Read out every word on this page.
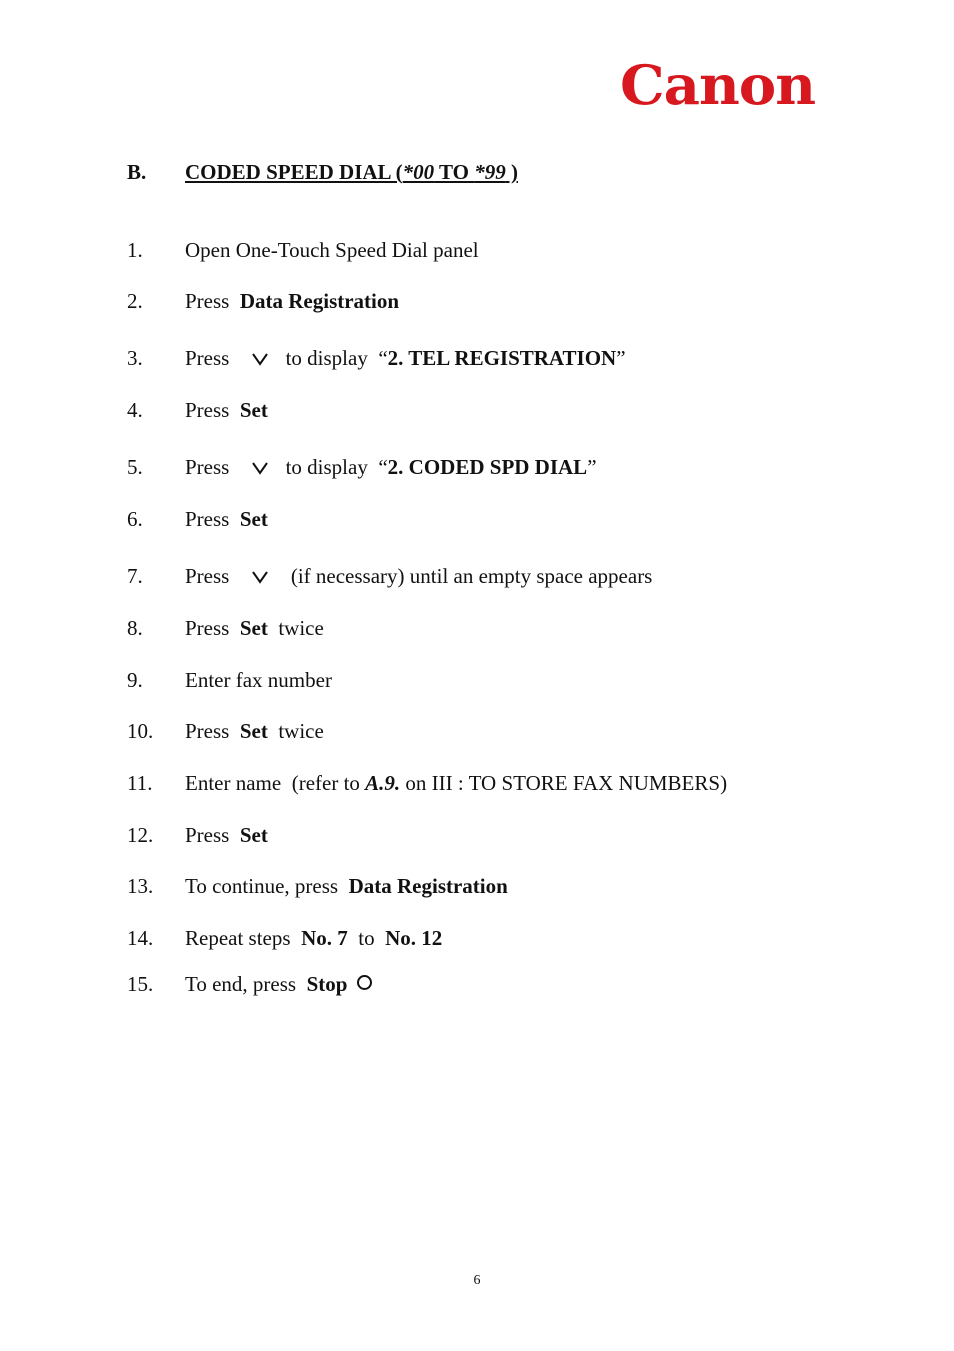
Canon
B. CODED SPEED DIAL (*00 TO *99 )
1. Open One-Touch Speed Dial panel
2. Press Data Registration
3. Press	to display “2. TEL REGISTRATION”
4. Press Set
5. Press	to display “2. CODED SPD DIAL”
6. Press Set
7. Press	(if necessary) until an empty space appears
8. Press Set twice
9. Enter fax number
10. Press Set twice
11. Enter name  (refer to A.9. on III : TO STORE FAX NUMBERS)
12. Press Set
13. To continue, press Data Registration
14. Repeat steps No. 7 to No. 12
15. To end, press Stop
6
